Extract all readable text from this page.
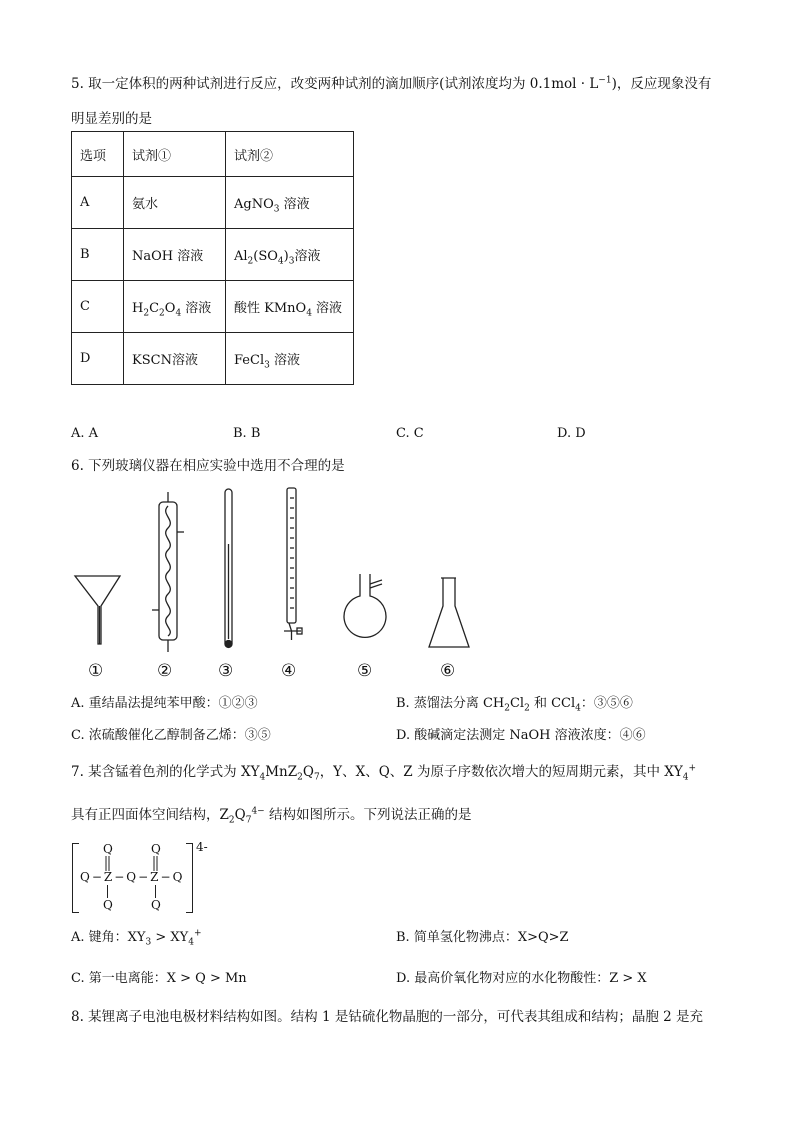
5. 取一定体积的两种试剂进行反应，改变两种试剂的滴加顺序(试剂浓度均为 $0.1mol \cdot L^{-1}$)，反应现象没有
明显差别的是
选项	试剂①	试剂②
A	氨水	AgNO$_3$ 溶液
B	NaOH 溶液	$Al_2(SO_4)_3$溶液
C	$H_2C_2O_4$ 溶液	酸性 KMnO$_4$ 溶液
D	KSCN溶液	FeCl$_3$ 溶液
A. A	B. B	C. C	D. D
6. 下列玻璃仪器在相应实验中选用不合理的是
①	②	③	④	⑤	⑥
A. 重结晶法提纯苯甲酸：①②③	B. 蒸馏法分离 $CH_2Cl_2$ 和 CCl$_4$：③⑤⑥
C. 浓硫酸催化乙醇制备乙烯：③⑤	D. 酸碱滴定法测定 NaOH 溶液浓度：④⑥
7. 某含锰着色剂的化学式为 $XY_4MnZ_2Q_7$，Y、X、Q、Z 为原子序数依次增大的短周期元素，其中 $XY_4^+$
具有正四面体空间结构，$Z_2Q_7^{4-}$ 结构如图所示。下列说法正确的是
4-
Q          Q
Q−Z−Q−Z−Q
Q          Q
A. 键角：$XY_3 > XY_4^+$	B. 简单氢化物沸点：X>Q>Z
C. 第一电离能：X > Q > Mn	D. 最高价氧化物对应的水化物酸性：Z > X
8. 某锂离子电池电极材料结构如图。结构 1 是钴硫化物晶胞的一部分，可代表其组成和结构；晶胞 2 是充
